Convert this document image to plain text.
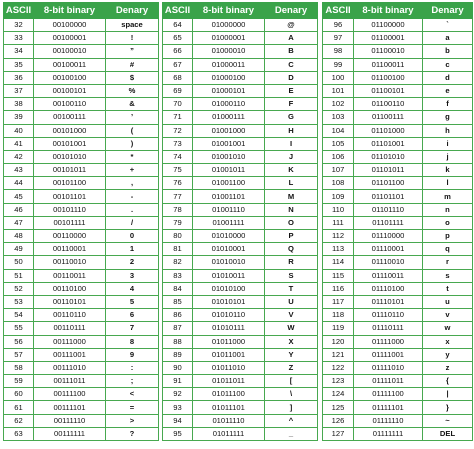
ASCII	8-bit binary	Denary
32	00100000	space
33	00100001	!
34	00100010	”
35	00100011	#
36	00100100	$
37	00100101	%
38	00100110	&
39	00100111	’
40	00101000	(
41	00101001	)
42	00101010	*
43	00101011	+
44	00101100	,
45	00101101	-
46	00101110	.
47	00101111	/
48	00110000	0
49	00110001	1
50	00110010	2
51	00110011	3
52	00110100	4
53	00110101	5
54	00110110	6
55	00110111	7
56	00111000	8
57	00111001	9
58	00111010	:
59	00111011	;
60	00111100	<
61	00111101	=
62	00111110	>
63	00111111	?
ASCII	8-bit binary	Denary
64	01000000	@
65	01000001	A
66	01000010	B
67	01000011	C
68	01000100	D
69	01000101	E
70	01000110	F
71	01000111	G
72	01001000	H
73	01001001	I
74	01001010	J
75	01001011	K
76	01001100	L
77	01001101	M
78	01001110	N
79	01001111	O
80	01010000	P
81	01010001	Q
82	01010010	R
83	01010011	S
84	01010100	T
85	01010101	U
86	01010110	V
87	01010111	W
88	01011000	X
89	01011001	Y
90	01011010	Z
91	01011011	[
92	01011100	\
93	01011101	]
94	01011110	^
95	01011111	_
ASCII	8-bit binary	Denary
96	01100000	`
97	01100001	a
98	01100010	b
99	01100011	c
100	01100100	d
101	01100101	e
102	01100110	f
103	01100111	g
104	01101000	h
105	01101001	i
106	01101010	j
107	01101011	k
108	01101100	l
109	01101101	m
110	01101110	n
111	01101111	o
112	01110000	p
113	01110001	q
114	01110010	r
115	01110011	s
116	01110100	t
117	01110101	u
118	01110110	v
119	01110111	w
120	01111000	x
121	01111001	y
122	01111010	z
123	01111011	{
124	01111100	|
125	01111101	}
126	01111110	~
127	01111111	DEL
